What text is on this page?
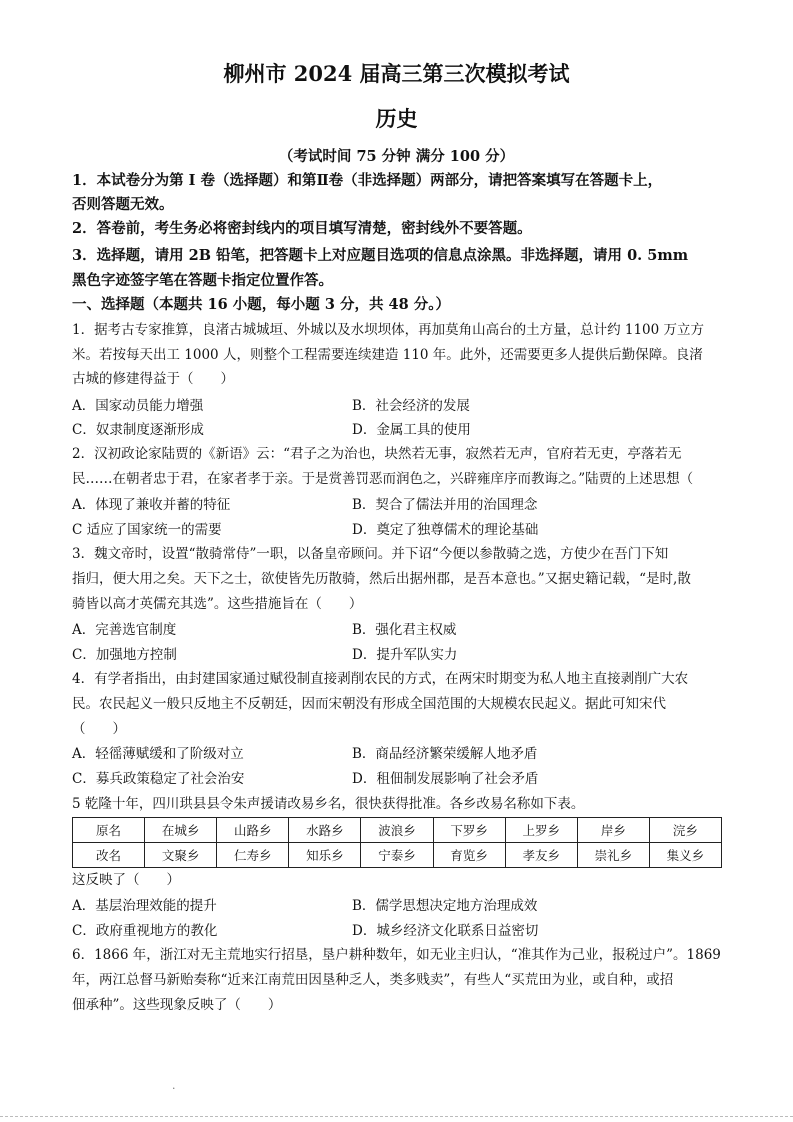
柳州市 2024 届高三第三次模拟考试
历史
（考试时间 75 分钟 满分 100 分）
1．本试卷分为第 I 卷（选择题）和第Ⅱ卷（非选择题）两部分，请把答案填写在答题卡上，
否则答题无效。
2．答卷前，考生务必将密封线内的项目填写清楚，密封线外不要答题。
3．选择题，请用 2B 铅笔，把答题卡上对应题目选项的信息点涂黑。非选择题，请用 0. 5mm
黑色字迹签字笔在答题卡指定位置作答。
一、选择题（本题共 16 小题，每小题 3 分，共 48 分。）
1．据考古专家推算，良渚古城城垣、外城以及水坝坝体，再加莫角山高台的土方量，总计约 1100 万立方
米。若按每天出工 1000 人，则整个工程需要连续建造 110 年。此外，还需要更多人提供后勤保障。良渚
古城的修建得益于（　　）
A．国家动员能力增强	B．社会经济的发展
C．奴隶制度逐渐形成	D．金属工具的使用
2．汉初政论家陆贾的《新语》云：“君子之为治也，块然若无事，寂然若无声，官府若无吏，亭落若无
民……在朝者忠于君，在家者孝于亲。于是赏善罚恶而润色之，兴辟雍庠序而教诲之。”陆贾的上述思想（
A．体现了兼收并蓄的特征	B．契合了儒法并用的治国理念
C 适应了国家统一的需要	D．奠定了独尊儒术的理论基础
3．魏文帝时，设置“散骑常侍”一职，以备皇帝顾问。并下诏“今便以参散骑之选，方使少在吾门下知
指归，便大用之矣。天下之士，欲使皆先历散骑，然后出据州郡，是吾本意也。”又据史籍记载，“是时,散
骑皆以高才英儒充其选”。这些措施旨在（　　）
A．完善选官制度	B．强化君主权威
C．加强地方控制	D．提升军队实力
4．有学者指出，由封建国家通过赋役制直接剥削农民的方式，在两宋时期变为私人地主直接剥削广大农
民。农民起义一般只反地主不反朝廷，因而宋朝没有形成全国范围的大规模农民起义。据此可知宋代
（　　）
A．轻徭薄赋缓和了阶级对立	B．商品经济繁荣缓解人地矛盾
C．募兵政策稳定了社会治安	D．租佃制发展影响了社会矛盾
5 乾隆十年，四川珙县县令朱声援请改易乡名，很快获得批准。各乡改易名称如下表。
原名	在城乡	山路乡	水路乡	波浪乡	下罗乡	上罗乡	岸乡	浣乡
改名	文聚乡	仁寿乡	知乐乡	宁泰乡	育览乡	孝友乡	崇礼乡	集义乡
这反映了（　　）
A．基层治理效能的提升	B．儒学思想决定地方治理成效
C．政府重视地方的教化	D．城乡经济文化联系日益密切
6．1866 年，浙江对无主荒地实行招垦，垦户耕种数年，如无业主归认，“准其作为己业，报税过户”。1869
年，两江总督马新贻奏称“近来江南荒田因垦种乏人，类多贱卖”，有些人“买荒田为业，或自种，或招
佃承种”。这些现象反映了（　　）
·
